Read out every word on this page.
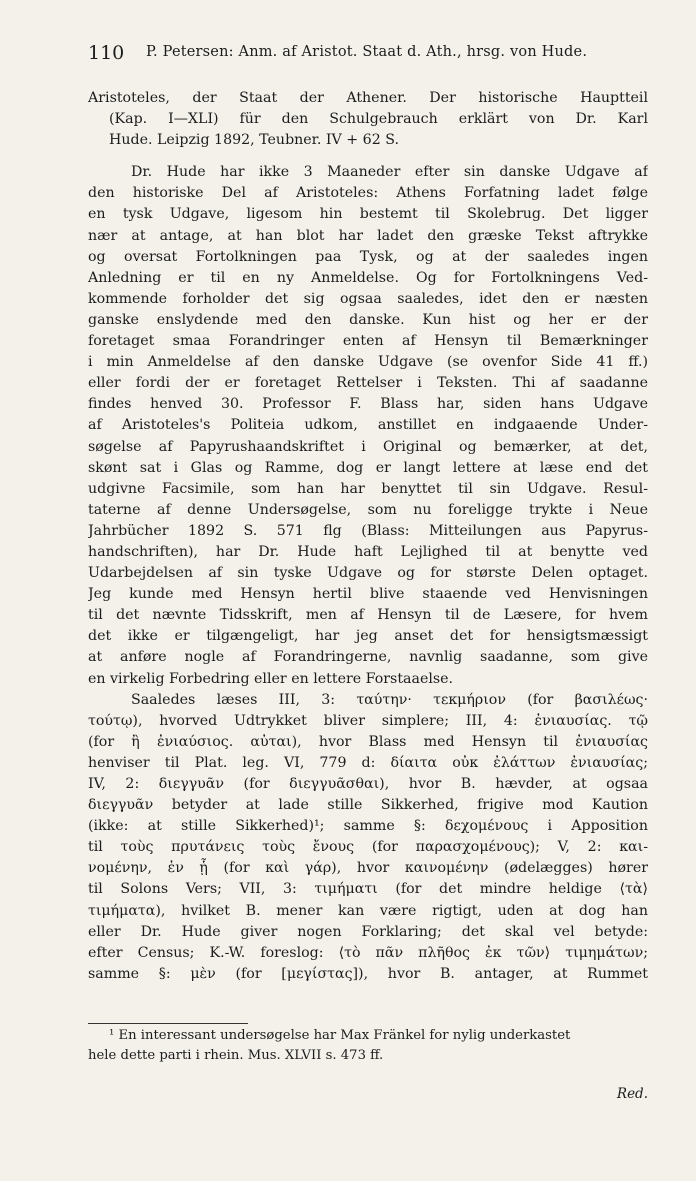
110 P. Petersen: Anm. af Aristot. Staat d. Ath., hrsg. von Hude.
Aristoteles, der Staat der Athener. Der historische Hauptteil
(Kap. I—XLI) für den Schulgebrauch erklärt von Dr. Karl
Hude. Leipzig 1892, Teubner. IV + 62 S.
Dr. Hude har ikke 3 Maaneder efter sin danske Udgave af
den historiske Del af Aristoteles: Athens Forfatning ladet følge
en tysk Udgave, ligesom hin bestemt til Skolebrug. Det ligger
nær at antage, at han blot har ladet den græske Tekst aftrykke
og oversat Fortolkningen paa Tysk, og at der saaledes ingen
Anledning er til en ny Anmeldelse. Og for Fortolkningens Ved-
kommende forholder det sig ogsaa saaledes, idet den er næsten
ganske enslydende med den danske. Kun hist og her er der
foretaget smaa Forandringer enten af Hensyn til Bemærkninger
i min Anmeldelse af den danske Udgave (se ovenfor Side 41 ff.)
eller fordi der er foretaget Rettelser i Teksten. Thi af saadanne
findes henved 30. Professor F. Blass har, siden hans Udgave
af Aristoteles's Politeia udkom, anstillet en indgaaende Under-
søgelse af Papyrushaandskriftet i Original og bemærker, at det,
skønt sat i Glas og Ramme, dog er langt lettere at læse end det
udgivne Facsimile, som han har benyttet til sin Udgave. Resul-
taterne af denne Undersøgelse, som nu foreligge trykte i Neue
Jahrbücher 1892 S. 571 flg (Blass: Mitteilungen aus Papyrus-
handschriften), har Dr. Hude haft Lejlighed til at benytte ved
Udarbejdelsen af sin tyske Udgave og for største Delen optaget.
Jeg kunde med Hensyn hertil blive staaende ved Henvisningen
til det nævnte Tidsskrift, men af Hensyn til de Læsere, for hvem
det ikke er tilgængeligt, har jeg anset det for hensigtsmæssigt
at anføre nogle af Forandringerne, navnlig saadanne, som give
en virkelig Forbedring eller en lettere Forstaaelse.
Saaledes læses III, 3: ταύτην· τεκμήριον (for βασιλέως·
τούτῳ), hvorved Udtrykket bliver simplere; III, 4: ἐνιαυσίας. τῷ
(for ἢ ἐνιαύσιος. αὐται), hvor Blass med Hensyn til ἐνιαυσίας
henviser til Plat. leg. VI, 779 d: δίαιτα οὐκ ἐλάττων ἐνιαυσίας;
IV, 2: διεγγυᾶν (for διεγγυᾶσθαι), hvor B. hævder, at ogsaa
διεγγυᾶν betyder at lade stille Sikkerhed, frigive mod Kaution
(ikke: at stille Sikkerhed)¹; samme §: δεχομένους i Apposition
til τοὺς πρυτάνεις τοὺς ἔνους (for παρασχομένους); V, 2: και-
νομένην, ἐν ᾗ (for καὶ γάρ), hvor καινομένην (ødelægges) hører
til Solons Vers; VII, 3: τιμήματι (for det mindre heldige ⟨τὰ⟩
τιμήματα), hvilket B. mener kan være rigtigt, uden at dog han
eller Dr. Hude giver nogen Forklaring; det skal vel betyde:
efter Census; K.-W. foreslog: ⟨τὸ πᾶν πλῆθος ἐκ τῶν⟩ τιμημάτων;
samme §: μὲν (for [μεγίστας]), hvor B. antager, at Rummet
¹ En interessant undersøgelse har Max Fränkel for nylig underkastet
hele dette parti i rhein. Mus. XLVII s. 473 ff.
Red.
